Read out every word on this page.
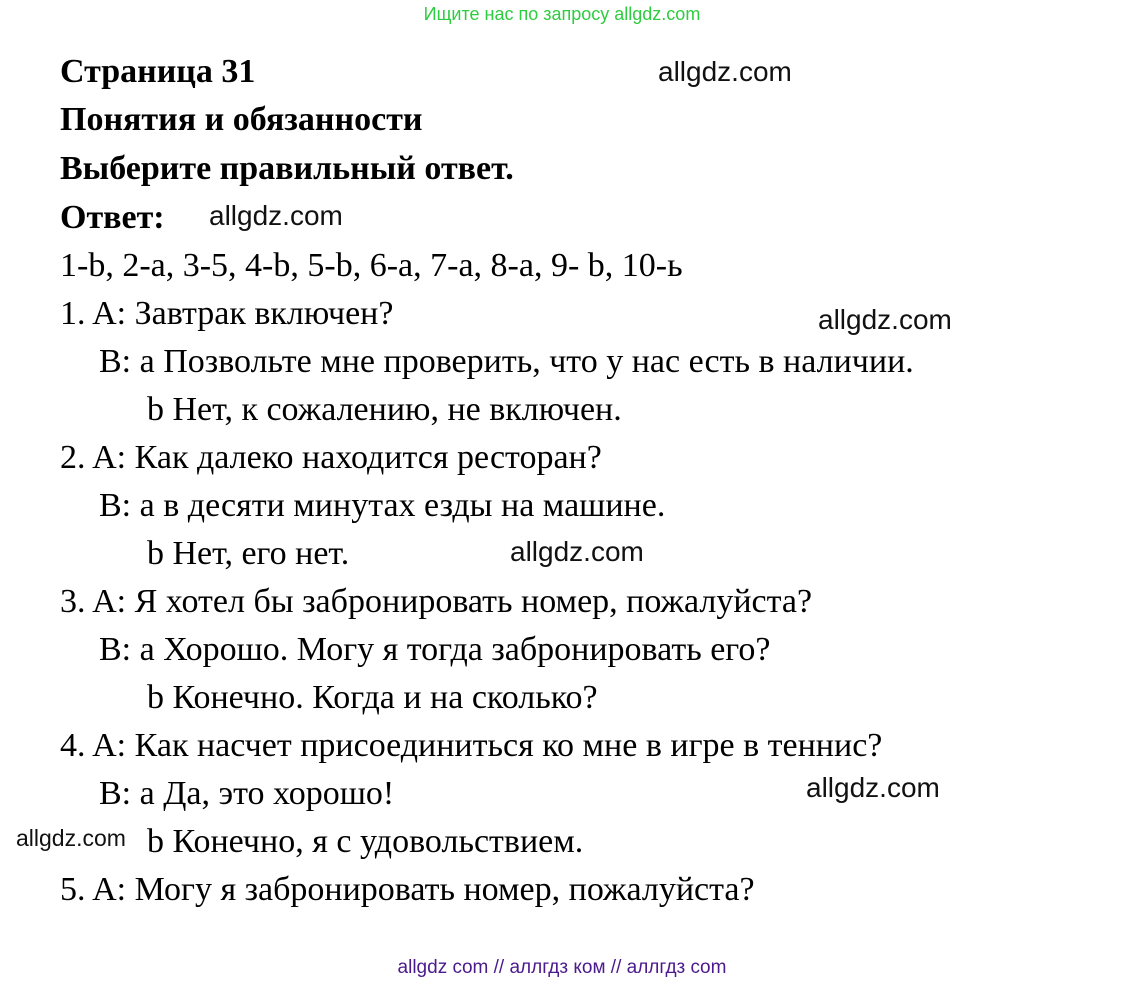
Ищите нас по запросу allgdz.com
Страница 31
Понятия и обязанности
Выберите правильный ответ.
Ответ:
1-b, 2-a, 3-5, 4-b, 5-b, 6-a, 7-a, 8-a, 9- b, 10-ь
1. A: Завтрак включен?
B: a Позвольте мне проверить, что у нас есть в наличии.
b Нет, к сожалению, не включен.
2. A: Как далеко находится ресторан?
B: a в десяти минутах езды на машине.
b Нет, его нет.
3. A: Я хотел бы забронировать номер, пожалуйста?
B: a Хорошо. Могу я тогда забронировать его?
b Конечно. Когда и на сколько?
4. A: Как насчет присоединиться ко мне в игре в теннис?
B: a Да, это хорошо!
b Конечно, я с удовольствием.
5. A: Могу я забронировать номер, пожалуйста?
allgdz.com
allgdz.com
allgdz.com
allgdz.com
allgdz.com
allgdz.com
allgdz com // аллгдз ком // аллгдз com
